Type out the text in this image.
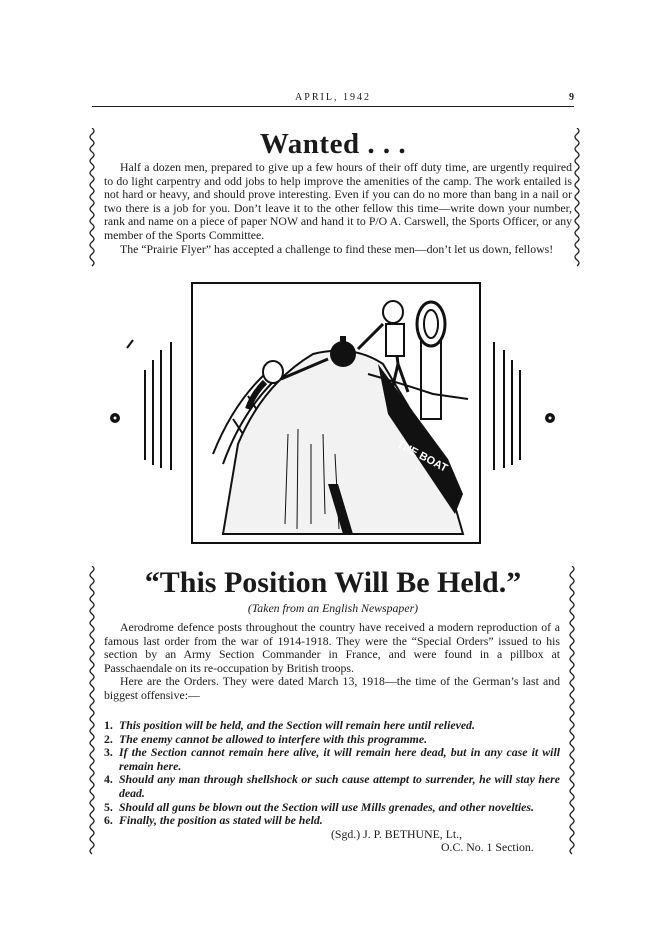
APRIL, 1942	9
Wanted . . .

Half a dozen men, prepared to give up a few hours of their off duty time, are urgently required to do light carpentry and odd jobs to help improve the amenities of the camp. The work entailed is not hard or heavy, and should prove interesting. Even if you can do no more than bang in a nail or two there is a job for you. Don’t leave it to the other fellow this time—write down your number, rank and name on a piece of paper NOW and hand it to P/O A. Carswell, the Sports Officer, or any member of the Sports Committee.

The “Prairie Flyer” has accepted a challenge to find these men—don’t let us down, fellows!

THE BOAT
“This Position Will Be Held.”
(Taken from an English Newspaper)

Aerodrome defence posts throughout the country have received a modern reproduction of a famous last order from the war of 1914-1918. They were the “Special Orders” issued to his section by an Army Section Commander in France, and were found in a pillbox at Passchaendale on its re-occupation by British troops.

Here are the Orders. They were dated March 13, 1918—the time of the German’s last and biggest offensive:—

1. This position will be held, and the Section will remain here until relieved.
2. The enemy cannot be allowed to interfere with this programme.
3. If the Section cannot remain here alive, it will remain here dead, but in any case it will remain here.
4. Should any man through shellshock or such cause attempt to surrender, he will stay here dead.
5. Should all guns be blown out the Section will use Mills grenades, and other novelties.
6. Finally, the position as stated will be held.
(Sgd.) J. P. BETHUNE, Lt.,
O.C. No. 1 Section.
